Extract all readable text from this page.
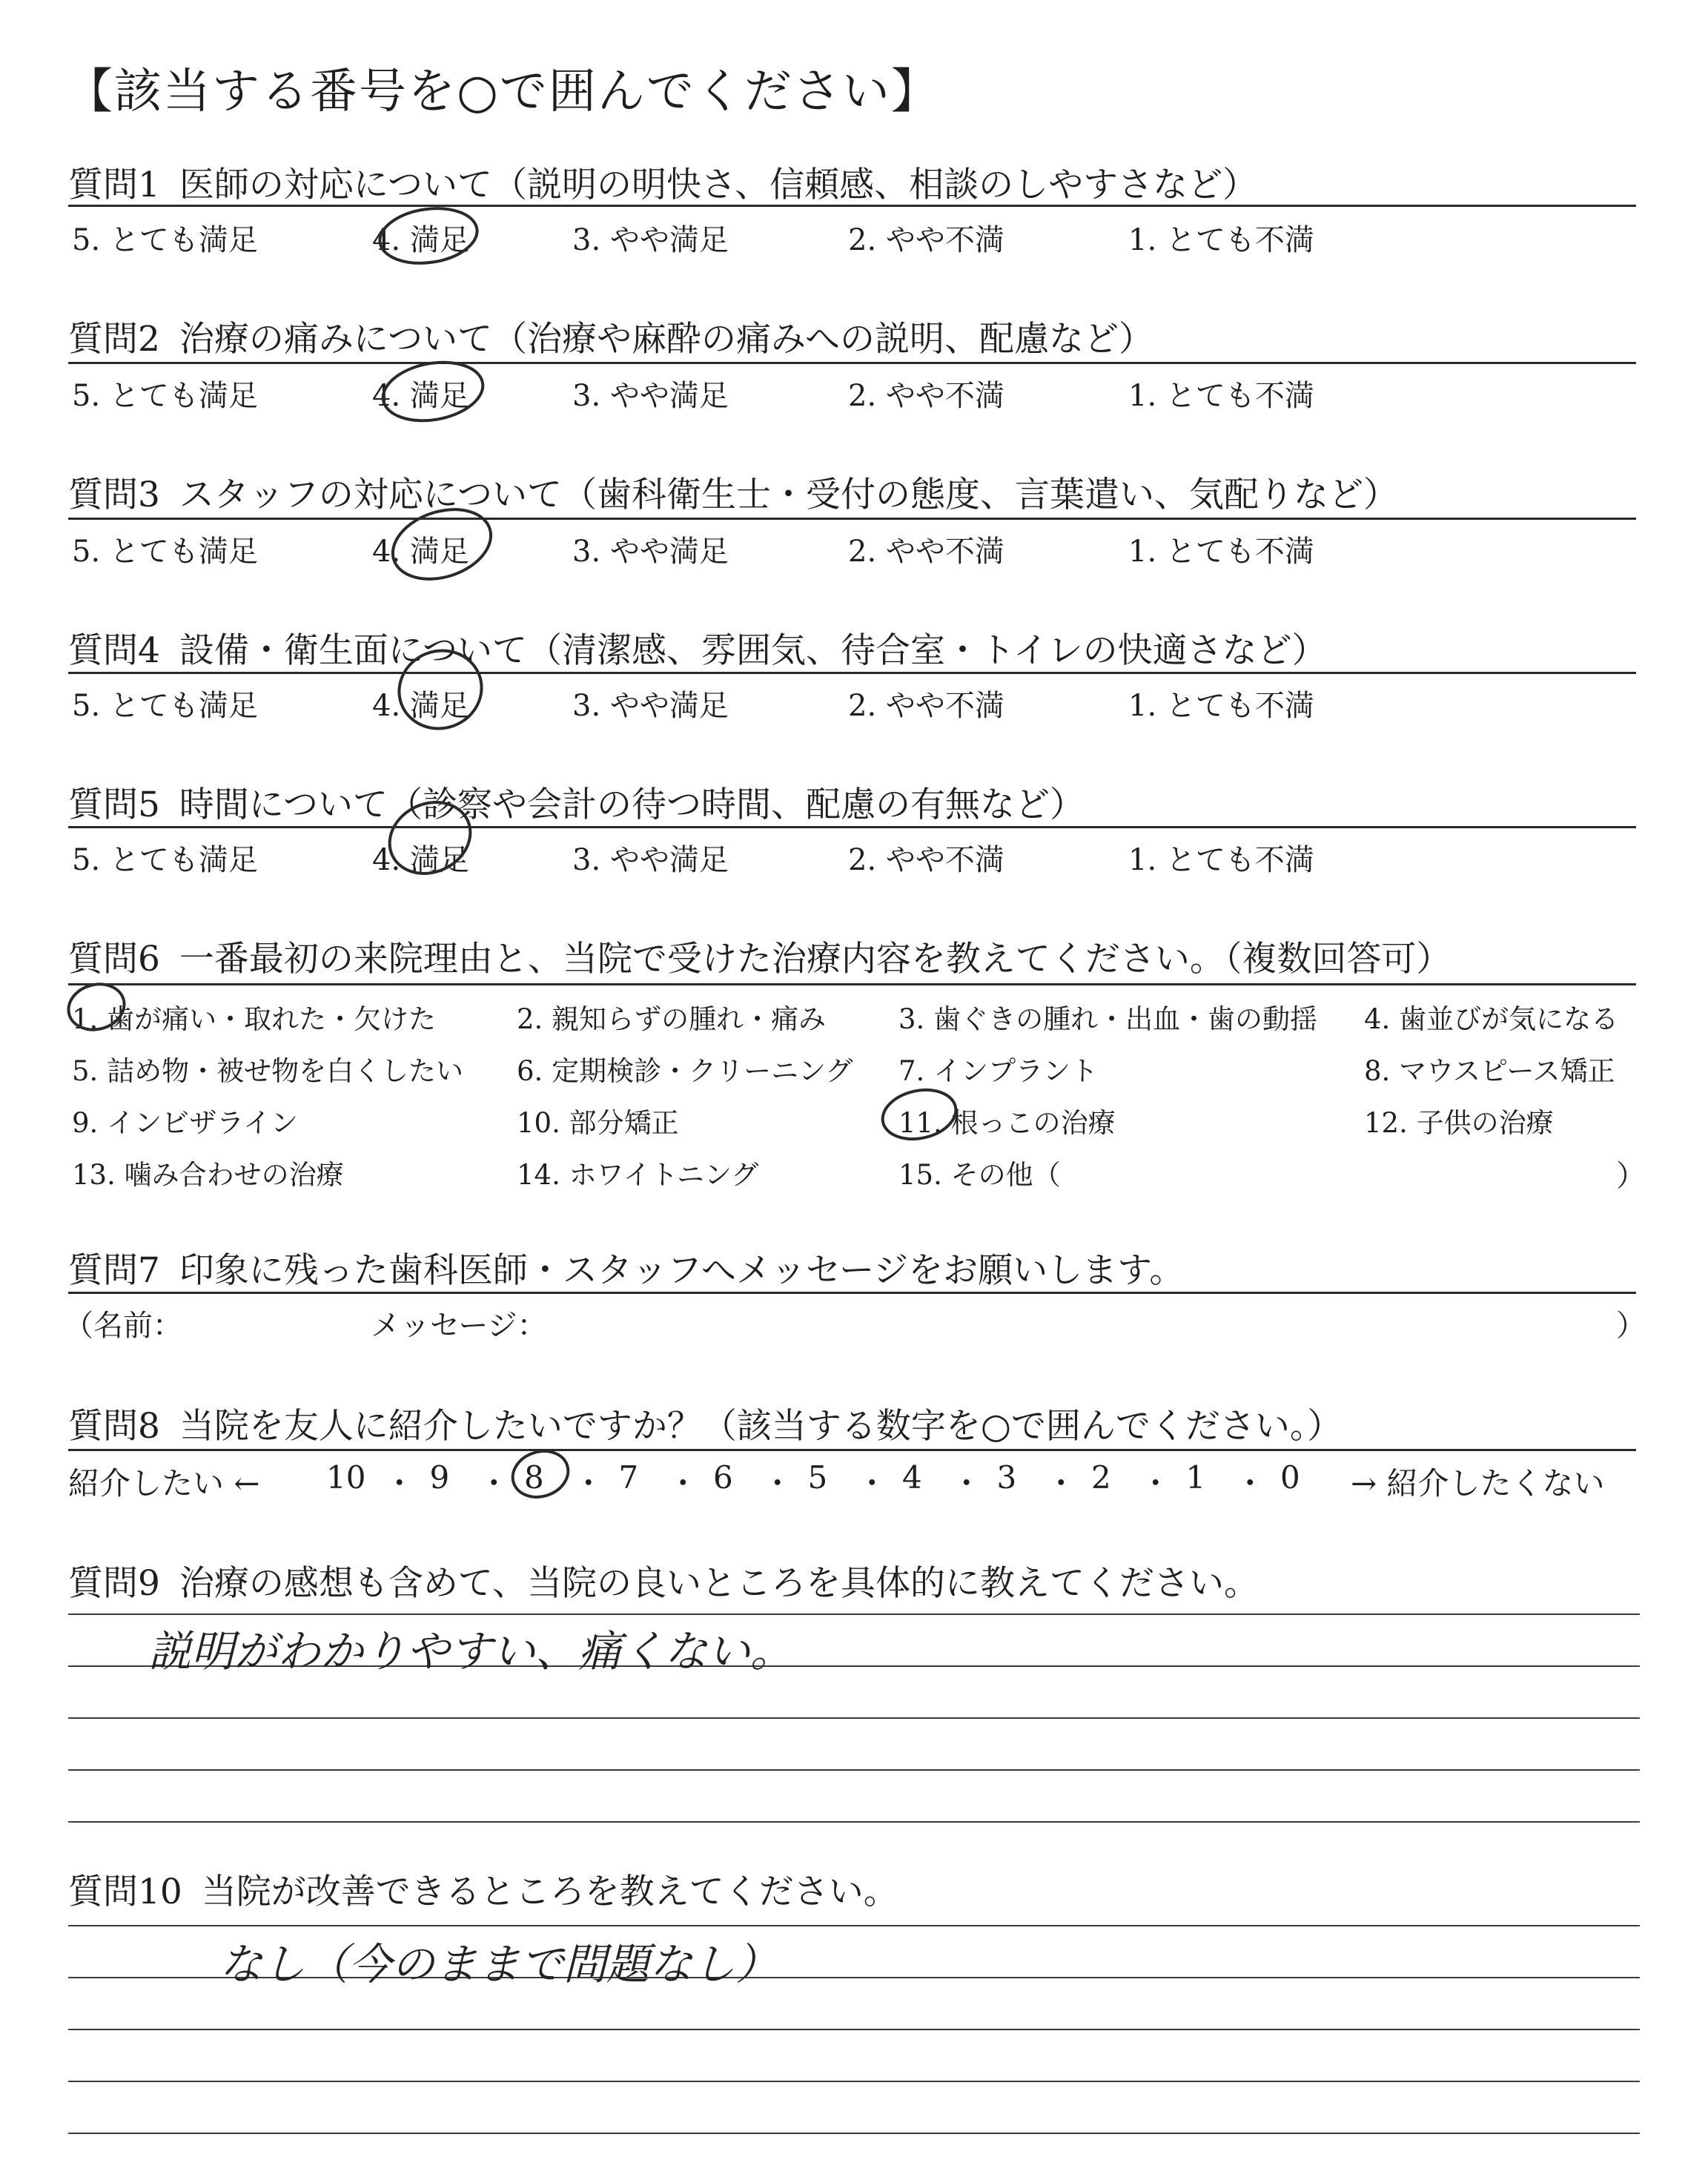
【該当する番号を○で囲んでください】
質問1 医師の対応について（説明の明快さ、信頼感、相談のしやすさなど）
5. とても満足	4. 満足	3. やや満足	2. やや不満	1. とても不満
質問2 治療の痛みについて（治療や麻酔の痛みへの説明、配慮など）
5. とても満足	4. 満足	3. やや満足	2. やや不満	1. とても不満
質問3 スタッフの対応について（歯科衛生士・受付の態度、言葉遣い、気配りなど）
5. とても満足	4. 満足	3. やや満足	2. やや不満	1. とても不満
質問4 設備・衛生面について（清潔感、雰囲気、待合室・トイレの快適さなど）
5. とても満足	4. 満足	3. やや満足	2. やや不満	1. とても不満
質問5 時間について（診察や会計の待つ時間、配慮の有無など）
5. とても満足	4. 満足	3. やや満足	2. やや不満	1. とても不満
質問6 一番最初の来院理由と、当院で受けた治療内容を教えてください。（複数回答可）
1. 歯が痛い・取れた・欠けた	2. 親知らずの腫れ・痛み	3. 歯ぐきの腫れ・出血・歯の動揺 4. 歯並びが気になる
5. 詰め物・被せ物を白くしたい 6. 定期検診・クリーニング 7. インプラント	8. マウスピース矯正
9. インビザライン	10. 部分矯正	11. 根っこの治療	12. 子供の治療
13. 噛み合わせの治療	14. ホワイトニング	15. その他（	）
質問7 印象に残った歯科医師・スタッフへメッセージをお願いします。
（名前：	メッセージ：	）
質問8 当院を友人に紹介したいですか？（該当する数字を○で囲んでください。）
紹介したい ← 10 ・ 9 ・ 8 ・ 7 ・ 6 ・ 5 ・ 4 ・ 3 ・ 2 ・ 1 ・ 0 → 紹介したくない
質問9 治療の感想も含めて、当院の良いところを具体的に教えてください。
説明がわかりやすい、痛くない。
質問10 当院が改善できるところを教えてください。
なし（今のままで問題なし）
